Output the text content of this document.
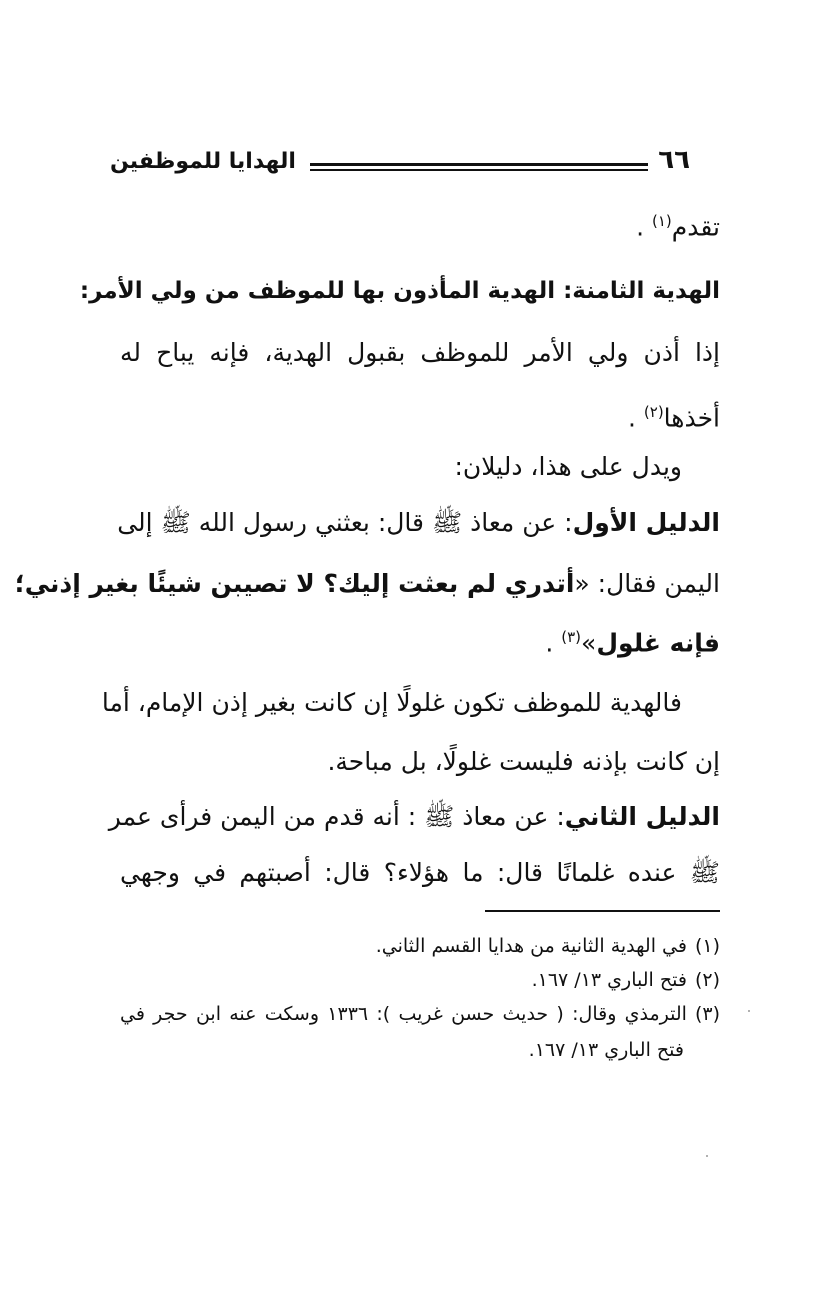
٦٦
الهدايا للموظفين
تقدم$^{(١)}$ .
الهدية الثامنة: الهدية المأذون بها للموظف من ولي الأمر:
إذا أذن ولي الأمر للموظف بقبول الهدية، فإنه يباح له
أخذها$^{(٢)}$ .
ويدل على هذا، دليلان:
الدليل الأول: عن معاذ ﷺ قال: بعثني رسول الله ﷺ إلى
اليمن فقال: «أتدري لم بعثت إليك؟ لا تصيبن شيئًا بغير إذني؛
فإنه غلول»$^{(٣)}$ .
فالهدية للموظف تكون غلولًا إن كانت بغير إذن الإمام، أما
إن كانت بإذنه فليست غلولًا، بل مباحة.
الدليل الثاني: عن معاذ ﷺ : أنه قدم من اليمن فرأى عمر
ﷺ عنده غلمانًا قال: ما هؤلاء؟ قال: أصبتهم في وجهي
(١)في الهدية الثانية من هدايا القسم الثاني.
(٢)فتح الباري ١٣/ ١٦٧.
(٣)الترمذي وقال: ( حديث حسن غريب ): ١٣٣٦ وسكت عنه ابن حجر في
فتح الباري ١٣/ ١٦٧.
